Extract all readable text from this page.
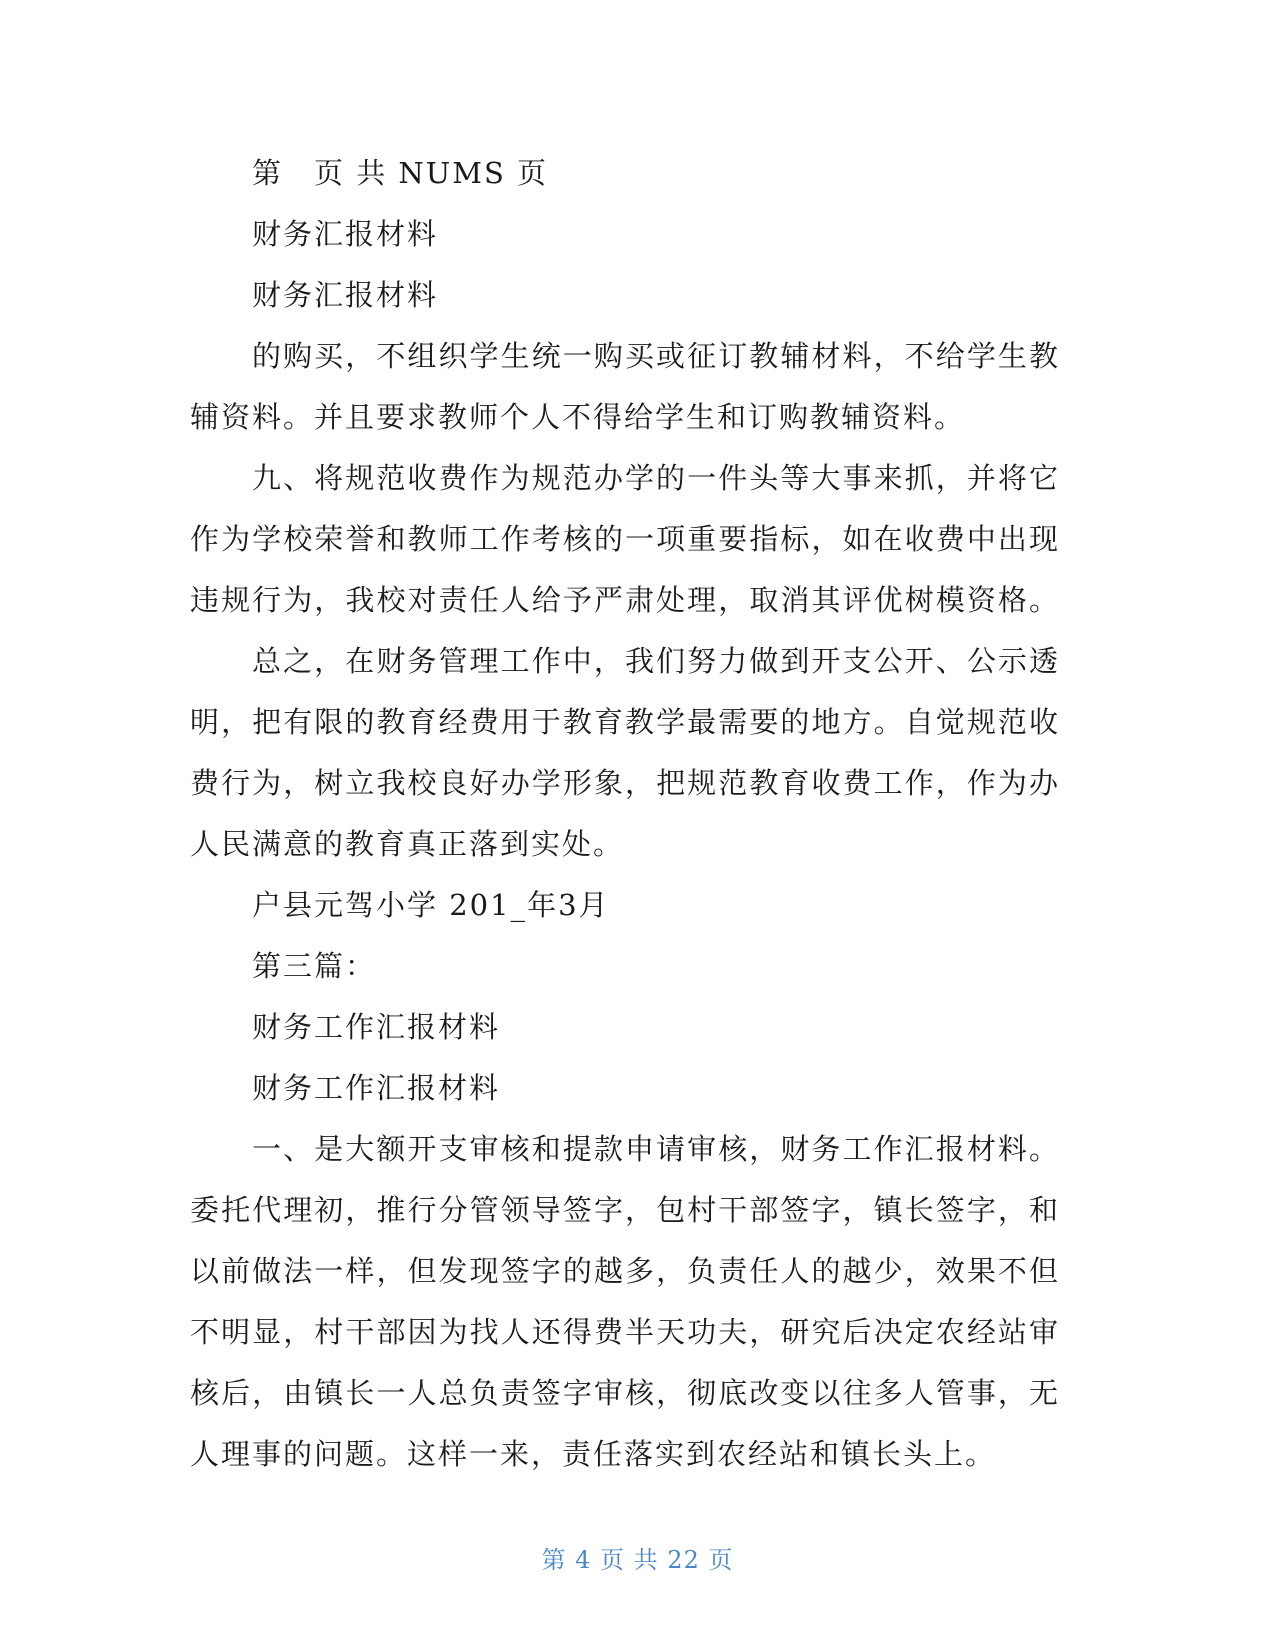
第　页 共 NUMS 页
财务汇报材料
财务汇报材料
的购买，不组织学生统一购买或征订教辅材料，不给学生教
辅资料。并且要求教师个人不得给学生和订购教辅资料。
九、将规范收费作为规范办学的一件头等大事来抓，并将它
作为学校荣誉和教师工作考核的一项重要指标，如在收费中出现
违规行为，我校对责任人给予严肃处理，取消其评优树模资格。
总之，在财务管理工作中，我们努力做到开支公开、公示透
明，把有限的教育经费用于教育教学最需要的地方。自觉规范收
费行为，树立我校良好办学形象，把规范教育收费工作，作为办
人民满意的教育真正落到实处。
户县元驾小学 201_年3月
第三篇：
财务工作汇报材料
财务工作汇报材料
一、是大额开支审核和提款申请审核，财务工作汇报材料。
委托代理初，推行分管领导签字，包村干部签字，镇长签字，和
以前做法一样，但发现签字的越多，负责任人的越少，效果不但
不明显，村干部因为找人还得费半天功夫，研究后决定农经站审
核后，由镇长一人总负责签字审核，彻底改变以往多人管事，无
人理事的问题。这样一来，责任落实到农经站和镇长头上。
第 4 页 共 22 页
